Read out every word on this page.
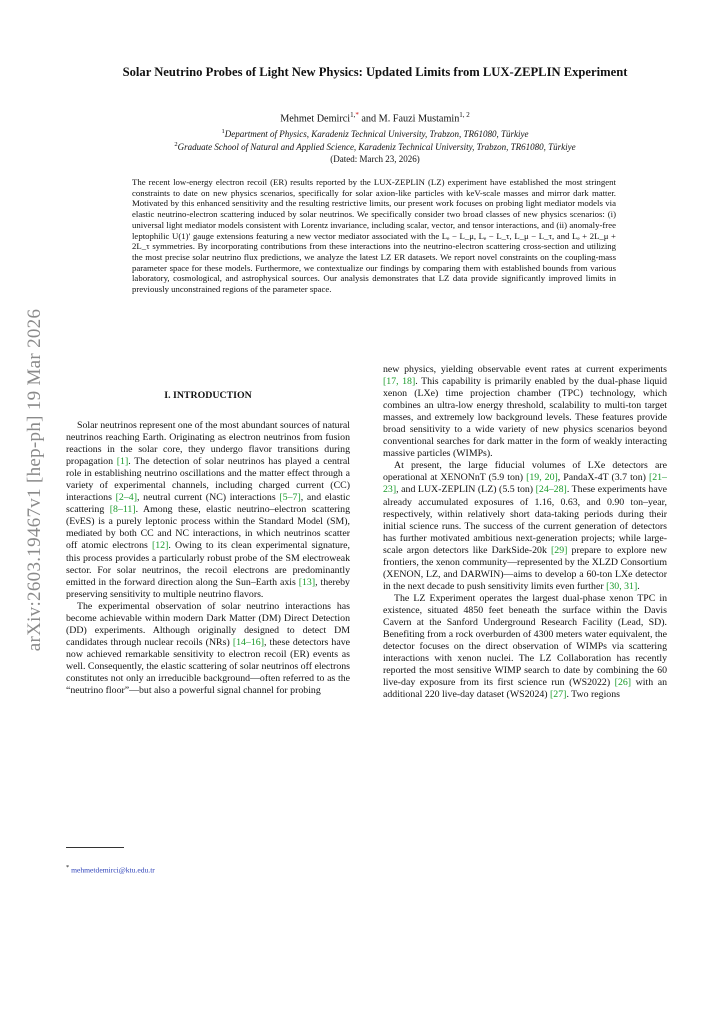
arXiv:2603.19467v1 [hep-ph] 19 Mar 2026
Solar Neutrino Probes of Light New Physics: Updated Limits from LUX-ZEPLIN Experiment
Mehmet Demirci$^{1,*}$ and M. Fauzi Mustamin$^{1, 2}$
$^1$Department of Physics, Karadeniz Technical University, Trabzon, TR61080, Türkiye
$^2$Graduate School of Natural and Applied Science, Karadeniz Technical University, Trabzon, TR61080, Türkiye
(Dated: March 23, 2026)
The recent low-energy electron recoil (ER) results reported by the LUX-ZEPLIN (LZ) experiment have established the most stringent constraints to date on new physics scenarios, specifically for solar axion-like particles with keV-scale masses and mirror dark matter. Motivated by this enhanced sensitivity and the resulting restrictive limits, our present work focuses on probing light mediator models via elastic neutrino-electron scattering induced by solar neutrinos. We specifically consider two broad classes of new physics scenarios: (i) universal light mediator models consistent with Lorentz invariance, including scalar, vector, and tensor interactions, and (ii) anomaly-free leptophilic U(1)′ gauge extensions featuring a new vector mediator associated with the Lₑ − L_μ, Lₑ − L_τ, L_μ − L_τ, and Lₑ + 2L_μ + 2L_τ symmetries. By incorporating contributions from these interactions into the neutrino-electron scattering cross-section and utilizing the most precise solar neutrino flux predictions, we analyze the latest LZ ER datasets. We report novel constraints on the coupling-mass parameter space for these models. Furthermore, we contextualize our findings by comparing them with established bounds from various laboratory, cosmological, and astrophysical sources. Our analysis demonstrates that LZ data provide significantly improved limits in previously unconstrained regions of the parameter space.
I. INTRODUCTION

Solar neutrinos represent one of the most abundant sources of natural neutrinos reaching Earth. Originating as electron neutrinos from fusion reactions in the solar core, they undergo flavor transitions during propagation [1]. The detection of solar neutrinos has played a central role in establishing neutrino oscillations and the matter effect through a variety of experimental channels, including charged current (CC) interactions [2–4], neutral current (NC) interactions [5–7], and elastic scattering [8–11]. Among these, elastic neutrino–electron scattering (EνES) is a purely leptonic process within the Standard Model (SM), mediated by both CC and NC interactions, in which neutrinos scatter off atomic electrons [12]. Owing to its clean experimental signature, this process provides a particularly robust probe of the SM electroweak sector. For solar neutrinos, the recoil electrons are predominantly emitted in the forward direction along the Sun–Earth axis [13], thereby preserving sensitivity to multiple neutrino flavors.

The experimental observation of solar neutrino interactions has become achievable within modern Dark Matter (DM) Direct Detection (DD) experiments. Although originally designed to detect DM candidates through nuclear recoils (NRs) [14–16], these detectors have now achieved remarkable sensitivity to electron recoil (ER) events as well. Consequently, the elastic scattering of solar neutrinos off electrons constitutes not only an irreducible background—often referred to as the “neutrino floor”—but also a powerful signal channel for probing

new physics, yielding observable event rates at current experiments [17, 18]. This capability is primarily enabled by the dual-phase liquid xenon (LXe) time projection chamber (TPC) technology, which combines an ultra-low energy threshold, scalability to multi-ton target masses, and extremely low background levels. These features provide broad sensitivity to a wide variety of new physics scenarios beyond conventional searches for dark matter in the form of weakly interacting massive particles (WIMPs).

At present, the large fiducial volumes of LXe detectors are operational at XENONnT (5.9 ton) [19, 20], PandaX-4T (3.7 ton) [21–23], and LUX-ZEPLIN (LZ) (5.5 ton) [24–28]. These experiments have already accumulated exposures of 1.16, 0.63, and 0.90 ton–year, respectively, within relatively short data-taking periods during their initial science runs. The success of the current generation of detectors has further motivated ambitious next-generation projects; while large-scale argon detectors like DarkSide-20k [29] prepare to explore new frontiers, the xenon community—represented by the XLZD Consortium (XENON, LZ, and DARWIN)—aims to develop a 60-ton LXe detector in the next decade to push sensitivity limits even further [30, 31].

The LZ Experiment operates the largest dual-phase xenon TPC in existence, situated 4850 feet beneath the surface within the Davis Cavern at the Sanford Underground Research Facility (Lead, SD). Benefiting from a rock overburden of 4300 meters water equivalent, the detector focuses on the direct observation of WIMPs via scattering interactions with xenon nuclei. The LZ Collaboration has recently reported the most sensitive WIMP search to date by combining the 60 live-day exposure from its first science run (WS2022) [26] with an additional 220 live-day dataset (WS2024) [27]. Two regions

* mehmetdemirci@ktu.edu.tr
